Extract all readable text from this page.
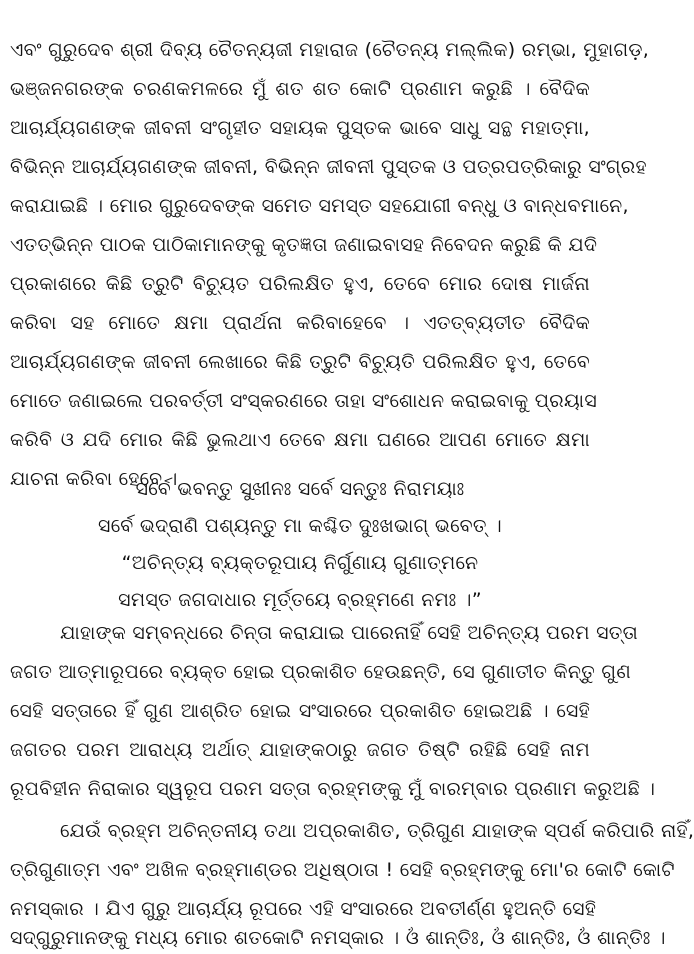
ଏବଂ ଗୁରୁଦେବ ଶ୍ରୀ ଦିବ୍ୟ ଚୈତନ୍ୟଜୀ ମହାରାଜ (ଚୈତନ୍ୟ ମଲ୍ଲିକ) ରମ୍ଭା, ମୁହାଗଡ଼,
ଭଞ୍ଜନଗରଙ୍କ ଚରଣକମଳରେ ମୁଁ ଶତ ଶତ କୋଟି ପ୍ରଣାମ କରୁଛି । ବୈଦିକ
ଆଚାର୍ଯ୍ୟଗଣଙ୍କ ଜୀବନୀ ସଂଗୃହୀତ ସହାୟକ ପୁସ୍ତକ ଭାବେ ସାଧୁ ସନ୍ଥ ମହାତ୍ମା,
ବିଭିନ୍ନ ଆଚାର୍ଯ୍ୟଗଣଙ୍କ ଜୀବନୀ, ବିଭିନ୍ନ ଜୀବନୀ ପୁସ୍ତକ ଓ ପତ୍ରପତ୍ରିକାରୁ ସଂଗ୍ରହ
କରାଯାଇଛି । ମୋର ଗୁରୁଦେବଙ୍କ ସମେତ ସମସ୍ତ ସହଯୋଗୀ ବନ୍ଧୁ ଓ ବାନ୍ଧବମାନେ,
ଏତତ୍‌ଭିନ୍ନ ପାଠକ ପାଠିକାମାନଙ୍କୁ କୃତଜ୍ଞତା ଜଣାଇବାସହ ନିବେଦନ କରୁଛି କି ଯଦି
ପ୍ରକାଶରେ କିଛି ତ୍ରୁଟି ବିଚ୍ୟୁତ ପରିଲକ୍ଷିତ ହୁଏ, ତେବେ ମୋର ଦୋଷ ମାର୍ଜନା
କରିବା ସହ ମୋତେ କ୍ଷମା ପ୍ରାର୍ଥନା କରିବାହେବେ । ଏତତ୍‌ବ୍ୟତୀତ ବୈଦିକ
ଆଚାର୍ଯ୍ୟଗଣଙ୍କ ଜୀବନୀ ଲେଖାରେ କିଛି ତ୍ରୁଟି ବିଚ୍ୟୁତି ପରିଲକ୍ଷିତ ହୁଏ, ତେବେ
ମୋତେ ଜଣାଇଲେ ପରବର୍ତ୍ତୀ ସଂସ୍କରଣରେ ତାହା ସଂଶୋଧନ କରାଇବାକୁ ପ୍ରୟାସ
କରିବି ଓ ଯଦି ମୋର କିଛି ଭୁଲଥାଏ ତେବେ କ୍ଷମା ଘଣରେ ଆପଣ ମୋତେ କ୍ଷମା
ଯାଚନା କରିବା ହେବେ ।
ସର୍ବେ ଭବନ୍ତୁ ସୁଖୀନଃ ସର୍ବେ ସନ୍ତୁଃ ନିରାମୟାଃ
ସର୍ବେ ଭଦ୍ରାଣି ପଶ୍ୟନ୍ତୁ ମା କଶ୍ଚିତ ଦୁଃଖଭାଗ୍ ଭବେତ୍ ।
“ଅଚିନ୍ତ୍ୟ ବ୍ୟକ୍ତରୂପାୟ ନିର୍ଗୁଣାୟ ଗୁଣାତ୍ମନେ
ସମସ୍ତ ଜଗଦାଧାର ମୂର୍ତ୍ତୟେ ବ୍ରହ୍ମଣେ ନମଃ ।”
ଯାହାଙ୍କ ସମ୍ବନ୍ଧରେ ଚିନ୍ତା କରାଯାଇ ପାରେନାହିଁ ସେହି ଅଚିନ୍ତ୍ୟ ପରମ ସତ୍ତା
ଜଗତ ଆତ୍ମାରୂପରେ ବ୍ୟକ୍ତ ହୋଇ ପ୍ରକାଶିତ ହେଉଛନ୍ତି, ସେ ଗୁଣାତୀତ କିନ୍ତୁ ଗୁଣ
ସେହି ସତ୍ତାରେ ହିଁ ଗୁଣ ଆଶ୍ରିତ ହୋଇ ସଂସାରରେ ପ୍ରକାଶିତ ହୋଇଅଛି । ସେହି
ଜଗତର ପରମ ଆରାଧ୍ୟ ଅର୍ଥାତ୍ ଯାହାଙ୍କଠାରୁ ଜଗତ ତିଷ୍ଟି ରହିଛି ସେହି ନାମ
ରୂପବିହୀନ ନିରାକାର ସ୍ୱରୂପ ପରମ ସତ୍ତା ବ୍ରହ୍ମଙ୍କୁ ମୁଁ ବାରମ୍ବାର ପ୍ରଣାମ କରୁଅଛି ।
ଯେଉଁ ବ୍ରହ୍ମ ଅଚିନ୍ତନୀୟ ତଥା ଅପ୍ରକାଶିତ, ତ୍ରିଗୁଣ ଯାହାଙ୍କ ସ୍ପର୍ଶ କରିପାରି ନାହିଁ,
ତ୍ରିଗୁଣାତ୍ମ ଏବଂ ଅଖିଳ ବ୍ରହ୍ମାଣ୍ଡର ଅଧିଷ୍ଠାତା ! ସେହି ବ୍ରହ୍ମଙ୍କୁ ମୋ'ର କୋଟି କୋଟି
ନମସ୍କାର । ଯିଏ ଗୁରୁ ଆଚାର୍ଯ୍ୟ ରୂପରେ ଏହି ସଂସାରରେ ଅବତୀର୍ଣ୍ଣ ହୁଅନ୍ତି ସେହି
ସଦ୍‌ଗୁରୁମାନଙ୍କୁ ମଧ୍ୟ ମୋର ଶତକୋଟି ନମସ୍କାର । ଓଁ ଶାନ୍ତିଃ, ଓଁ ଶାନ୍ତିଃ, ଓଁ ଶାନ୍ତିଃ ।
